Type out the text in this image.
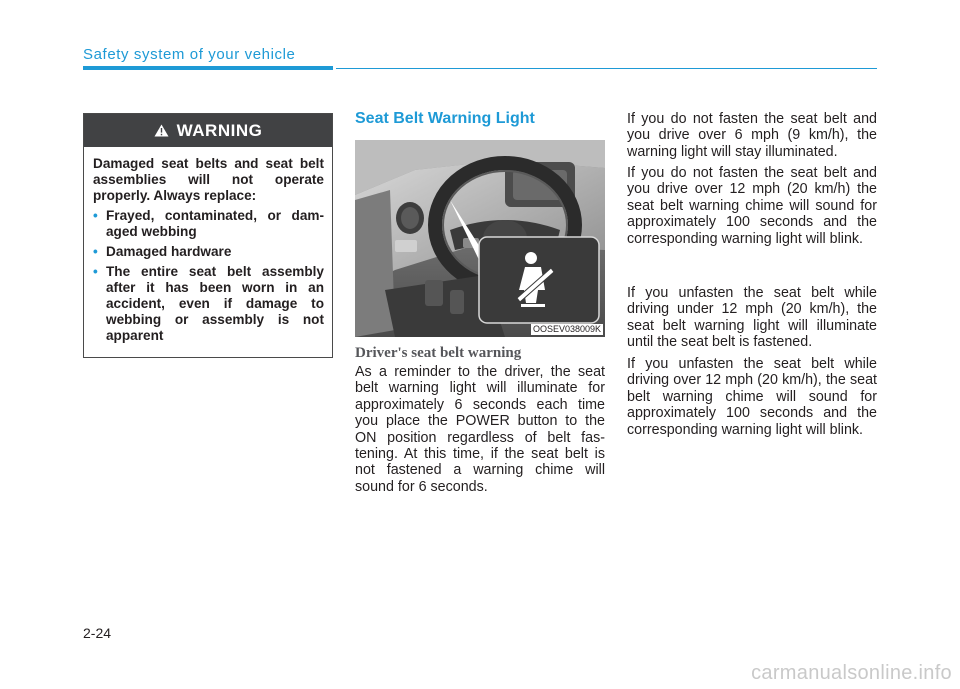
Safety system of your vehicle
WARNING

Damaged seat belts and seat belt assemblies will not operate properly. Always replace:

• Frayed, contaminated, or dam-aged webbing
• Damaged hardware
• The entire seat belt assembly after it has been worn in an accident, even if damage to webbing or assembly is not apparent
Seat Belt Warning Light
OOSEV038009K
Driver's seat belt warning

As a reminder to the driver, the seat belt warning light will illuminate for approximately 6 seconds each time you place the POWER button to the ON position regardless of belt fas-tening. At this time, if the seat belt is not fastened a warning chime will sound for 6 seconds.

If you do not fasten the seat belt and you drive over 6 mph (9 km/h), the warning light will stay illuminated.

If you do not fasten the seat belt and you drive over 12 mph (20 km/h) the seat belt warning chime will sound for approximately 100 seconds and the corresponding warning light will blink.

If you unfasten the seat belt while driving under 12 mph (20 km/h), the seat belt warning light will illuminate until the seat belt is fastened.

If you unfasten the seat belt while driving over 12 mph (20 km/h), the seat belt warning chime will sound for approximately 100 seconds and the corresponding warning light will blink.

2-24
carmanualsonline.info
